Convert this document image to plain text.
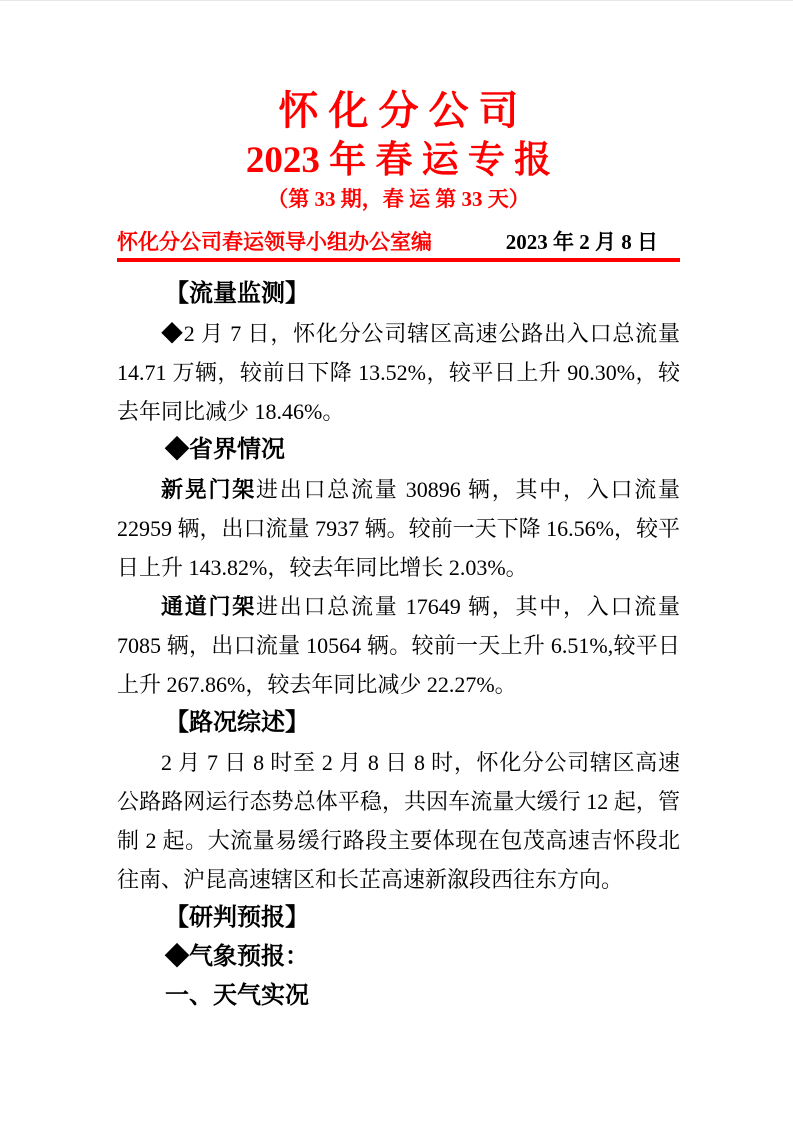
怀 化 分 公 司
2023 年 春 运 专 报
（第 33 期，春 运 第 33 天）
怀化分公司春运领导小组办公室编	2023 年 2 月 8 日

【流量监测】

◆2 月 7 日，怀化分公司辖区高速公路出入口总流量 14.71 万辆，较前日下降 13.52%，较平日上升 90.30%，较去年同比减少 18.46%。

◆省界情况

新晃门架进出口总流量 30896 辆，其中，入口流量 22959 辆，出口流量 7937 辆。较前一天下降 16.56%，较平日上升 143.82%，较去年同比增长 2.03%。

通道门架进出口总流量 17649 辆，其中，入口流量 7085 辆，出口流量 10564 辆。较前一天上升 6.51%,较平日上升 267.86%，较去年同比减少 22.27%。

【路况综述】

2 月 7 日 8 时至 2 月 8 日 8 时，怀化分公司辖区高速公路路网运行态势总体平稳，共因车流量大缓行 12 起，管制 2 起。大流量易缓行路段主要体现在包茂高速吉怀段北往南、沪昆高速辖区和长芷高速新溆段西往东方向。

【研判预报】

◆气象预报：

一、天气实况
